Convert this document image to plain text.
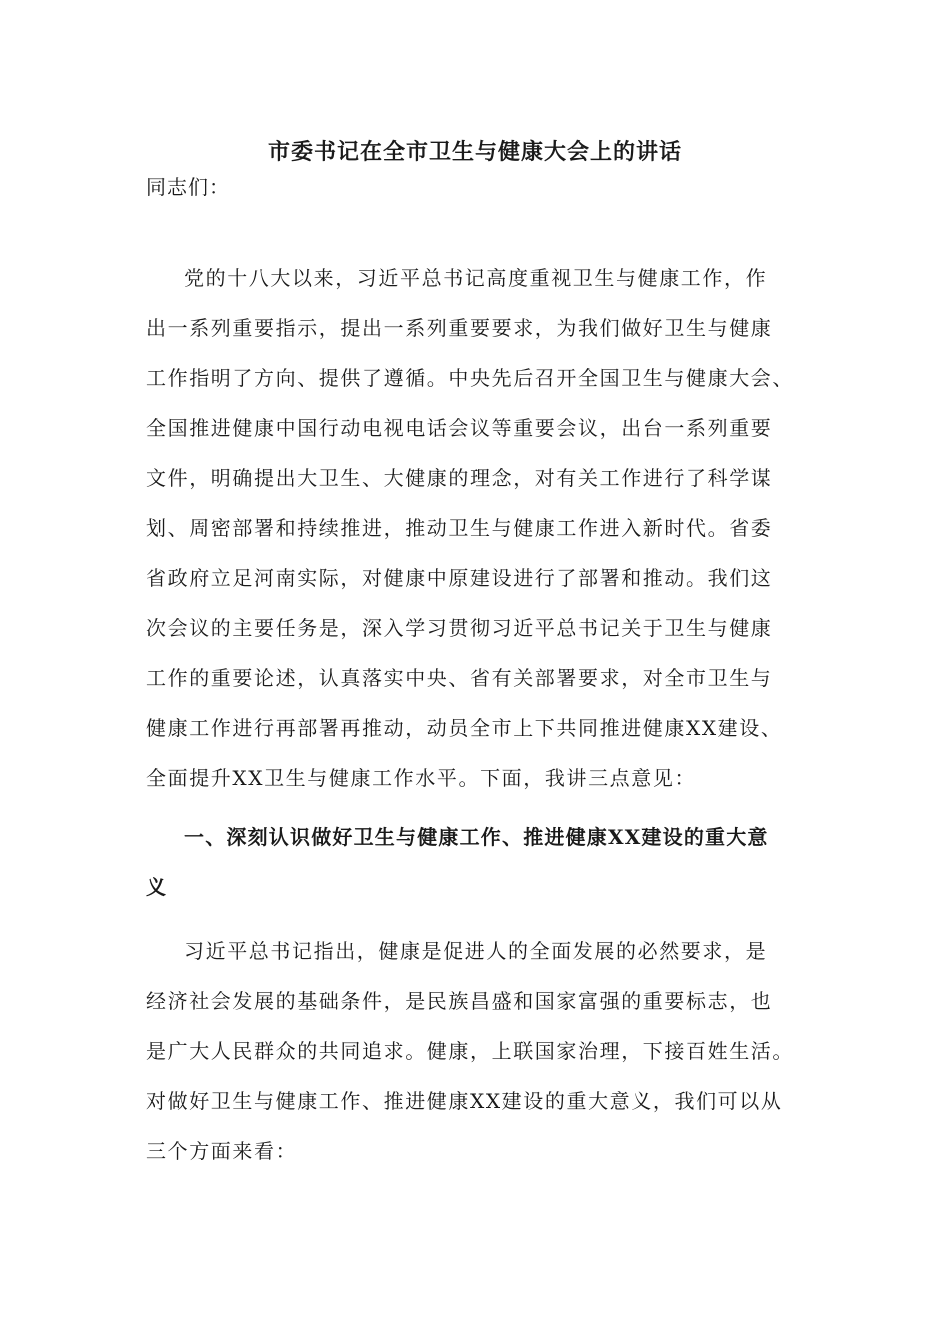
市委书记在全市卫生与健康大会上的讲话
同志们：
党的十八大以来，习近平总书记高度重视卫生与健康工作，作
出一系列重要指示，提出一系列重要要求，为我们做好卫生与健康
工作指明了方向、提供了遵循。中央先后召开全国卫生与健康大会、
全国推进健康中国行动电视电话会议等重要会议，出台一系列重要
文件，明确提出大卫生、大健康的理念，对有关工作进行了科学谋
划、周密部署和持续推进，推动卫生与健康工作进入新时代。省委
省政府立足河南实际，对健康中原建设进行了部署和推动。我们这
次会议的主要任务是，深入学习贯彻习近平总书记关于卫生与健康
工作的重要论述，认真落实中央、省有关部署要求，对全市卫生与
健康工作进行再部署再推动，动员全市上下共同推进健康XX建设、
全面提升XX卫生与健康工作水平。下面，我讲三点意见：
一、深刻认识做好卫生与健康工作、推进健康XX建设的重大意
义
习近平总书记指出，健康是促进人的全面发展的必然要求，是
经济社会发展的基础条件，是民族昌盛和国家富强的重要标志，也
是广大人民群众的共同追求。健康，上联国家治理，下接百姓生活。
对做好卫生与健康工作、推进健康XX建设的重大意义，我们可以从
三个方面来看：
